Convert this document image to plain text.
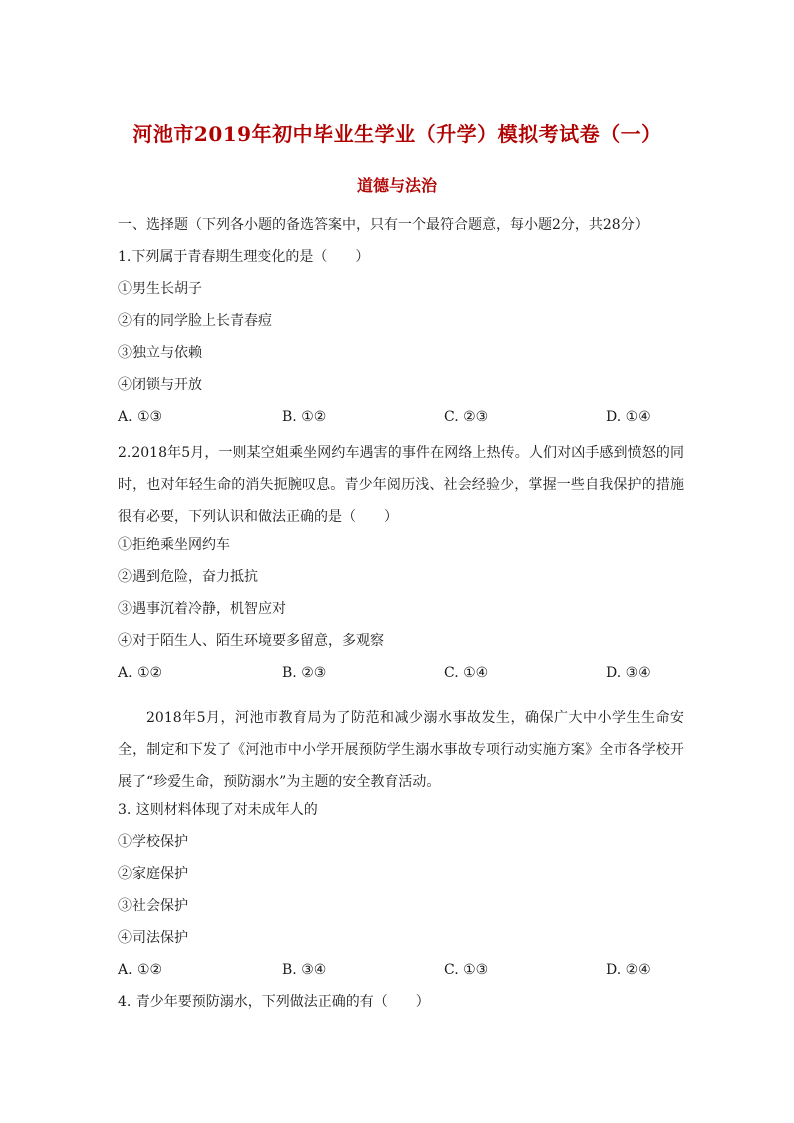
河池市2019年初中毕业生学业（升学）模拟考试卷（一）
道德与法治
一、选择题（下列各小题的备选答案中，只有一个最符合题意，每小题2分，共28分）
1.下列属于青春期生理变化的是（　　）
①男生长胡子
②有的同学脸上长青春痘
③独立与依赖
④闭锁与开放
A. ①③	B. ①②	C. ②③	D. ①④
2.2018年5月，一则某空姐乘坐网约车遇害的事件在网络上热传。人们对凶手感到愤怒的同时，也对年轻生命的消失扼腕叹息。青少年阅历浅、社会经验少，掌握一些自我保护的措施很有必要，下列认识和做法正确的是（　　）
①拒绝乘坐网约车
②遇到危险，奋力抵抗
③遇事沉着冷静，机智应对
④对于陌生人、陌生环境要多留意，多观察
A. ①②	B. ②③	C. ①④	D. ③④
2018年5月，河池市教育局为了防范和减少溺水事故发生，确保广大中小学生生命安全，制定和下发了《河池市中小学开展预防学生溺水事故专项行动实施方案》全市各学校开展了“珍爱生命，预防溺水”为主题的安全教育活动。
3. 这则材料体现了对未成年人的
①学校保护
②家庭保护
③社会保护
④司法保护
A. ①②	B. ③④	C. ①③	D. ②④
4. 青少年要预防溺水，下列做法正确的有（　　）
